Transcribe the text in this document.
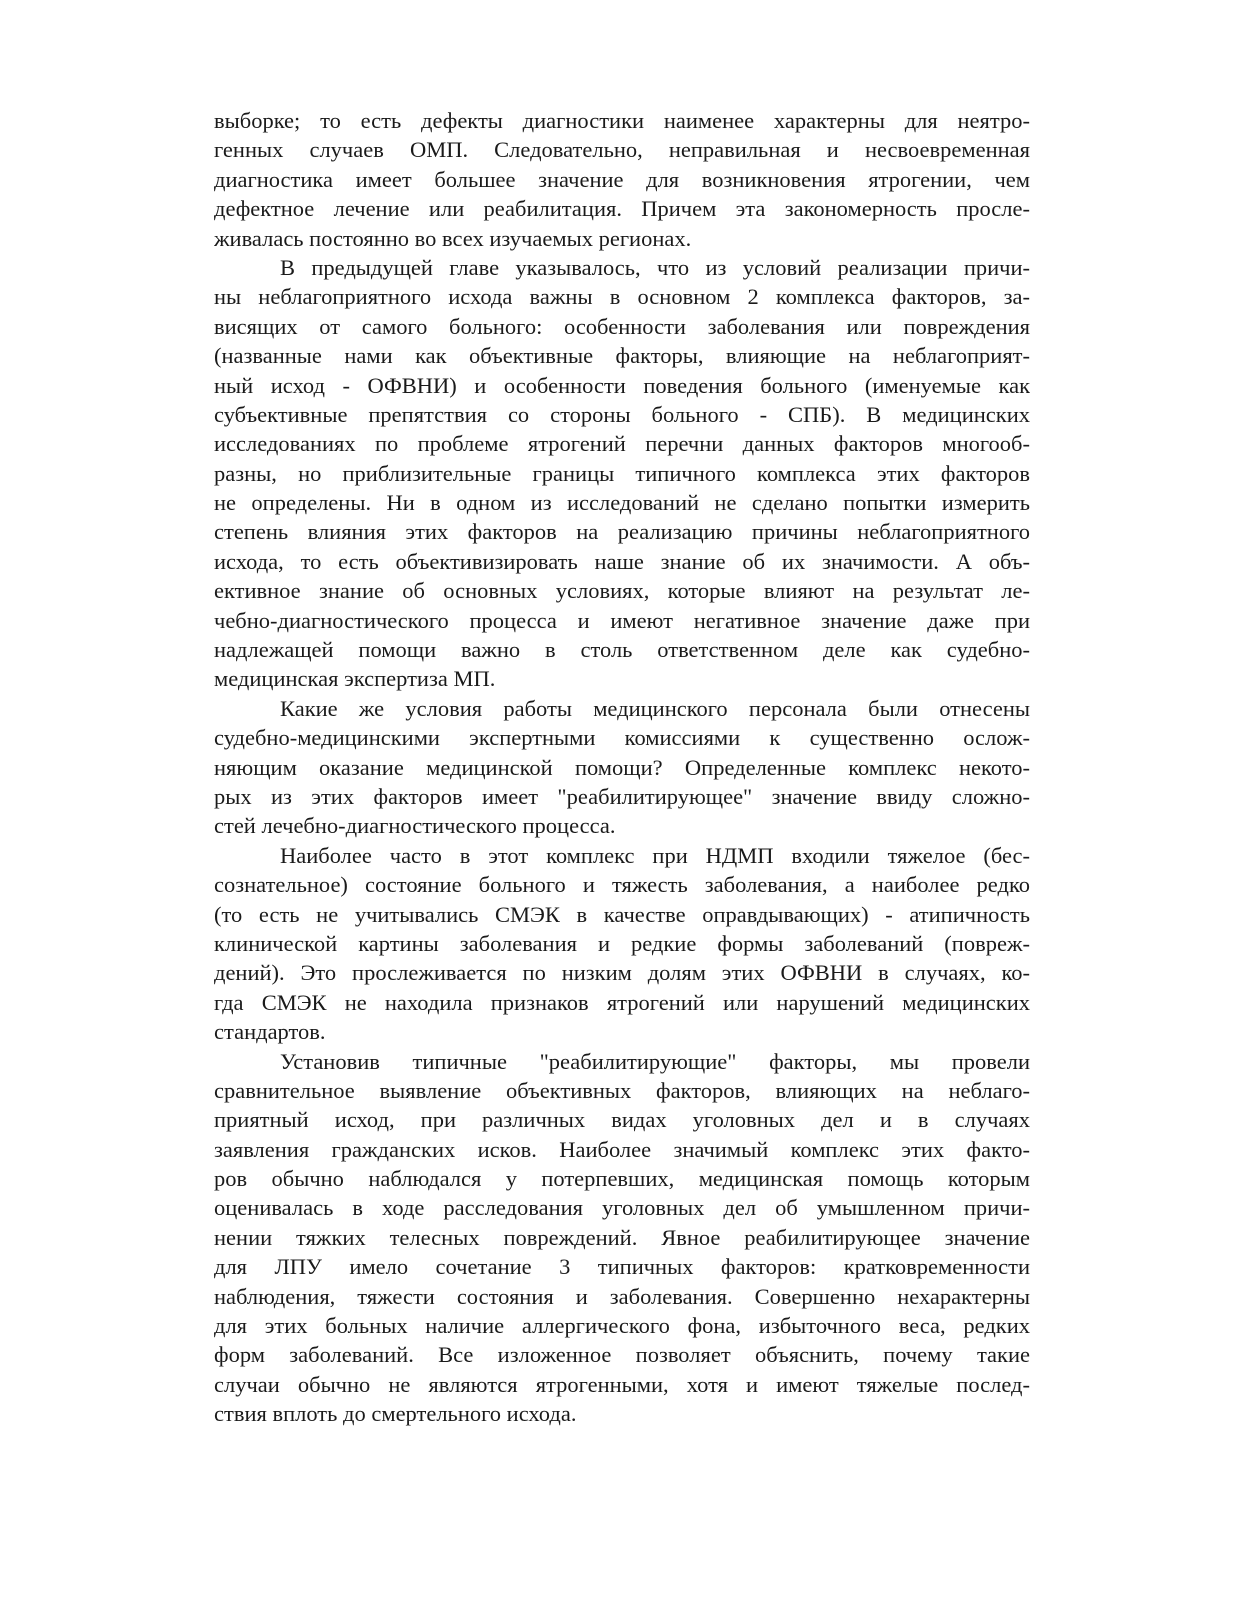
выборке; то есть дефекты диагностики наименее характерны для неятро-
генных случаев ОМП. Следовательно, неправильная и несвоевременная
диагностика имеет большее значение для возникновения ятрогении, чем
дефектное лечение или реабилитация. Причем эта закономерность просле-
живалась постоянно во всех изучаемых регионах.
В предыдущей главе указывалось, что из условий реализации причи-
ны неблагоприятного исхода важны в основном 2 комплекса факторов, за-
висящих от самого больного: особенности заболевания или повреждения
(названные нами как объективные факторы, влияющие на неблагоприят-
ный исход - ОФВНИ) и особенности поведения больного (именуемые как
субъективные препятствия со стороны больного - СПБ). В медицинских
исследованиях по проблеме ятрогений перечни данных факторов многооб-
разны, но приблизительные границы типичного комплекса этих факторов
не определены. Ни в одном из исследований не сделано попытки измерить
степень влияния этих факторов на реализацию причины неблагоприятного
исхода, то есть объективизировать наше знание об их значимости. А объ-
ективное знание об основных условиях, которые влияют на результат ле-
чебно-диагностического процесса и имеют негативное значение даже при
надлежащей помощи важно в столь ответственном деле как судебно-
медицинская экспертиза МП.
Какие же условия работы медицинского персонала были отнесены
судебно-медицинскими экспертными комиссиями к существенно ослож-
няющим оказание медицинской помощи? Определенные комплекс некото-
рых из этих факторов имеет "реабилитирующее" значение ввиду сложно-
стей лечебно-диагностического процесса.
Наиболее часто в этот комплекс при НДМП входили тяжелое (бес-
сознательное) состояние больного и тяжесть заболевания, а наиболее редко
(то есть не учитывались СМЭК в качестве оправдывающих) - атипичность
клинической картины заболевания и редкие формы заболеваний (повреж-
дений). Это прослеживается по низким долям этих ОФВНИ в случаях, ко-
гда СМЭК не находила признаков ятрогений или нарушений медицинских
стандартов.
Установив типичные "реабилитирующие" факторы, мы провели
сравнительное выявление объективных факторов, влияющих на неблаго-
приятный исход, при различных видах уголовных дел и в случаях
заявления гражданских исков. Наиболее значимый комплекс этих факто-
ров обычно наблюдался у потерпевших, медицинская помощь которым
оценивалась в ходе расследования уголовных дел об умышленном причи-
нении тяжких телесных повреждений. Явное реабилитирующее значение
для ЛПУ имело сочетание 3 типичных факторов: кратковременности
наблюдения, тяжести состояния и заболевания. Совершенно нехарактерны
для этих больных наличие аллергического фона, избыточного веса, редких
форм заболеваний. Все изложенное позволяет объяснить, почему такие
случаи обычно не являются ятрогенными, хотя и имеют тяжелые послед-
ствия вплоть до смертельного исхода.
